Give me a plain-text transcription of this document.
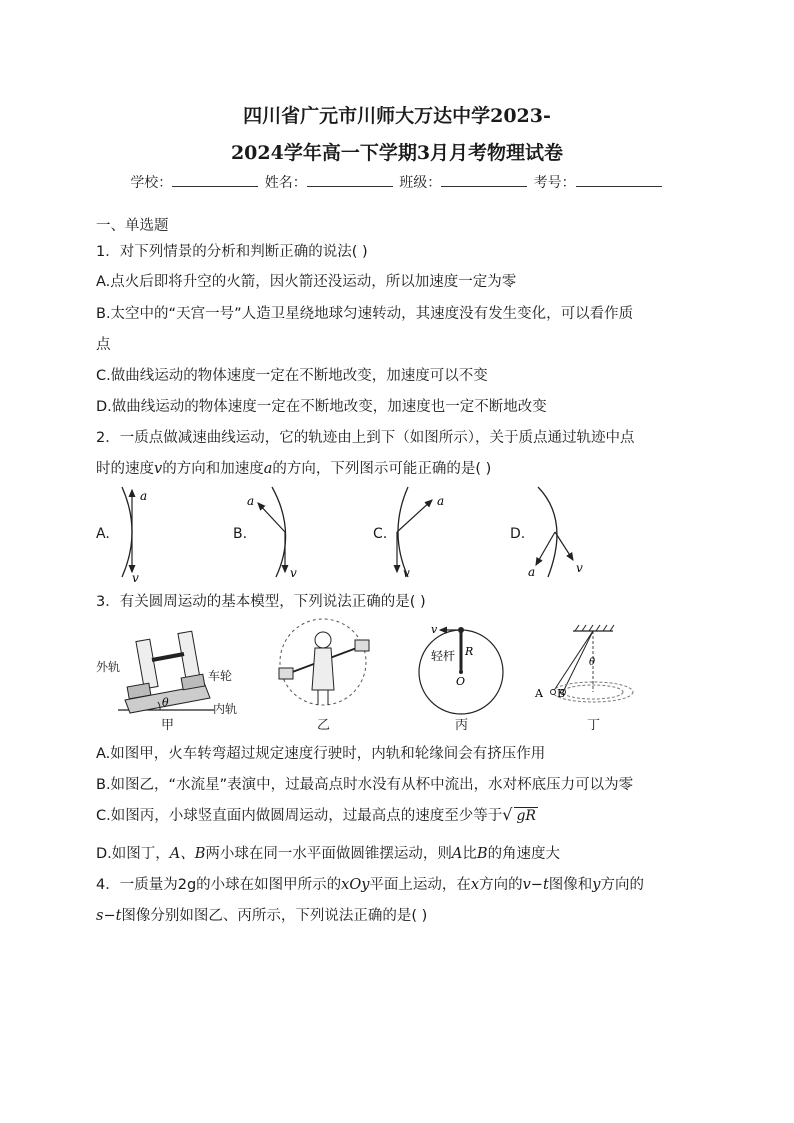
四川省广元市川师大万达中学2023-
2024学年高一下学期3月月考物理试卷
学校：	姓名：	班级：	考号：
一、单选题
1．对下列情景的分析和判断正确的说法( )
A.点火后即将升空的火箭，因火箭还没运动，所以加速度一定为零
B.太空中的“天宫一号”人造卫星绕地球匀速转动，其速度没有发生变化，可以看作质
点
C.做曲线运动的物体速度一定在不断地改变，加速度可以不变
D.做曲线运动的物体速度一定在不断地改变，加速度也一定不断地改变
2．一质点做减速曲线运动，它的轨迹由上到下（如图所示），关于质点通过轨迹中点
时的速度v的方向和加速度a的方向，下列图示可能正确的是( )
A.	B.	C.	D.
a
v
a
v
a
v	a	v
3．有关圆周运动的基本模型，下列说法正确的是( )
θ
v
轻杆 R
O
θ
A B
外轨
车轮
内轨
甲	乙	丙	丁
A.如图甲，火车转弯超过规定速度行驶时，内轨和轮缘间会有挤压作用
B.如图乙，“水流星”表演中，过最高点时水没有从杯中流出，水对杯底压力可以为零
C.如图丙，小球竖直面内做圆周运动，过最高点的速度至少等于√ gR
D.如图丁，A、B两小球在同一水平面做圆锥摆运动，则A比B的角速度大
4．一质量为2g的小球在如图甲所示的xOy平面上运动，在x方向的v−t图像和y方向的
s−t图像分别如图乙、丙所示，下列说法正确的是( )
